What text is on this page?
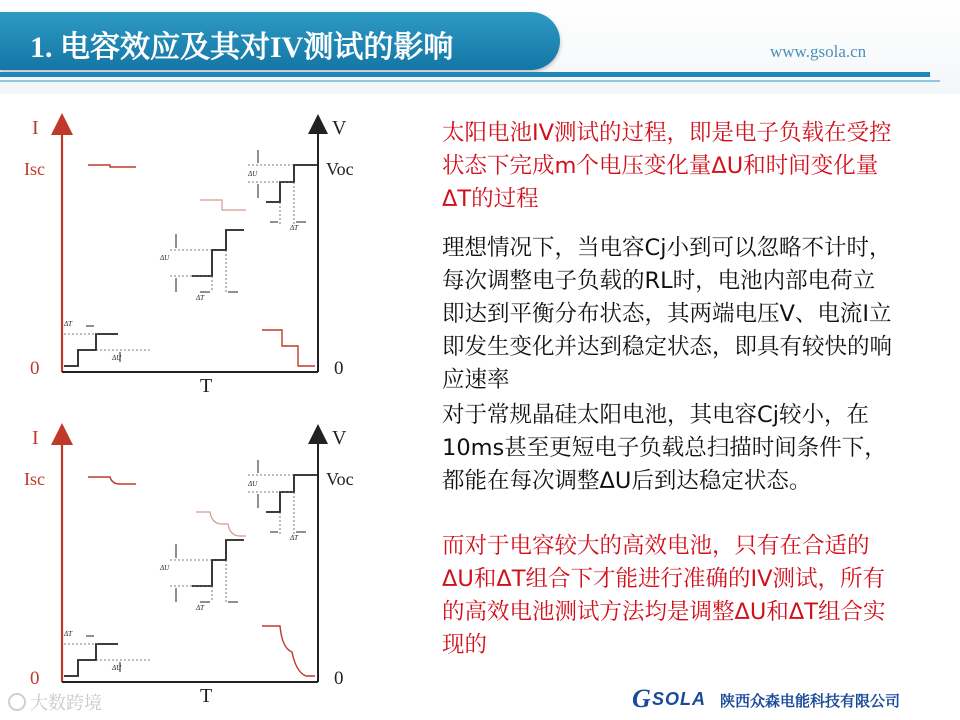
1. 电容效应及其对IV测试的影响	www.gsola.cn
I	V
Isc	Voc
0	0
T
ΔU
ΔT
ΔU
ΔT
ΔT
ΔU
I	V
Isc	Voc
0	0
T
ΔU
ΔT
ΔU
ΔT
ΔT
ΔU
太阳电池IV测试的过程，即是电子负载在受控状态下完成m个电压变化量ΔU和时间变化量ΔT的过程
理想情况下，当电容Cj小到可以忽略不计时，每次调整电子负载的RL时，电池内部电荷立即达到平衡分布状态，其两端电压V、电流I立即发生变化并达到稳定状态，即具有较快的响应速率
对于常规晶硅太阳电池，其电容Cj较小，在10ms甚至更短电子负载总扫描时间条件下，都能在每次调整ΔU后到达稳定状态。
而对于电容较大的高效电池，只有在合适的ΔU和ΔT组合下才能进行准确的IV测试，所有的高效电池测试方法均是调整ΔU和ΔT组合实现的
大数跨境	G SOLA 陕西众森电能科技有限公司
